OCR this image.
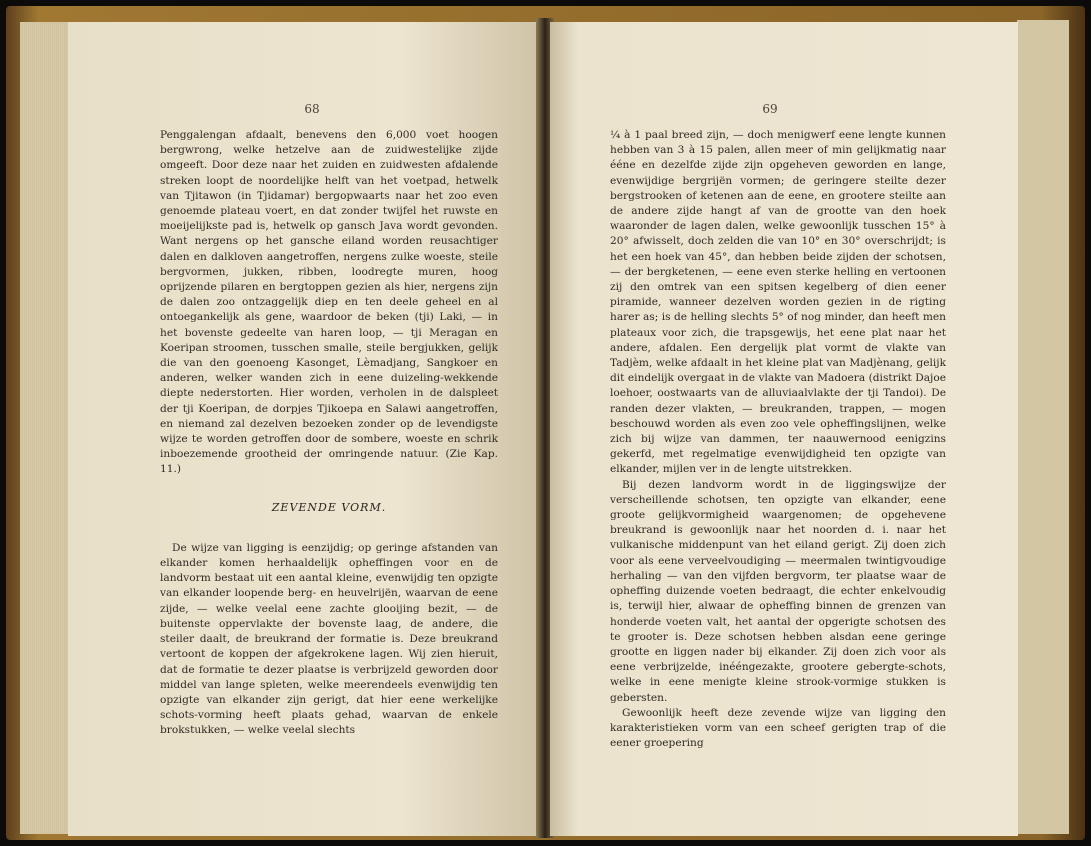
68

Penggalengan afdaalt, benevens den 6,000 voet hoogen bergwrong, welke hetzelve aan de zuidwestelijke zijde omgeeft. Door deze naar het zuiden en zuidwesten afdalende streken loopt de noordelijke helft van het voetpad, hetwelk van Tjitawon (in Tjidamar) bergopwaarts naar het zoo even genoemde plateau voert, en dat zonder twijfel het ruwste en moeijelijkste pad is, hetwelk op gansch Java wordt gevonden. Want nergens op het gansche eiland worden reusachtiger dalen en dalkloven aangetroffen, nergens zulke woeste, steile bergvormen, jukken, ribben, loodregte muren, hoog oprijzende pilaren en bergtoppen gezien als hier, nergens zijn de dalen zoo ontzaggelijk diep en ten deele geheel en al ontoegankelijk als gene, waardoor de beken (tji) Laki, — in het bovenste gedeelte van haren loop, — tji Meragan en Koeripan stroomen, tusschen smalle, steile bergjukken, gelijk die van den goenoeng Kasonget, Lèmadjang, Sangkoer en anderen, welker wanden zich in eene duizeling-wekkende diepte nederstorten. Hier worden, verholen in de dalspleet der tji Koeripan, de dorpjes Tjikoepa en Salawi aangetroffen, en niemand zal dezelven bezoeken zonder op de levendigste wijze te worden getroffen door de sombere, woeste en schrik inboezemende grootheid der omringende natuur. (Zie Kap. 11.)

ZEVENDE VORM.

De wijze van ligging is eenzijdig; op geringe afstanden van elkander komen herhaaldelijk opheffingen voor en de landvorm bestaat uit een aantal kleine, evenwijdig ten opzigte van elkander loopende berg- en heuvelrijën, waarvan de eene zijde, — welke veelal eene zachte glooijing bezit, — de buitenste oppervlakte der bovenste laag, de andere, die steiler daalt, de breukrand der formatie is. Deze breukrand vertoont de koppen der afgekrokene lagen. Wij zien hieruit, dat de formatie te dezer plaatse is verbrijzeld geworden door middel van lange spleten, welke meerendeels evenwijdig ten opzigte van elkander zijn gerigt, dat hier eene werkelijke schots-vorming heeft plaats gehad, waarvan de enkele brokstukken, — welke veelal slechts

69

¼ à 1 paal breed zijn, — doch menigwerf eene lengte kunnen hebben van 3 à 15 palen, allen meer of min gelijkmatig naar ééne en dezelfde zijde zijn opgeheven geworden en lange, evenwijdige bergrijën vormen; de geringere steilte dezer bergstrooken of ketenen aan de eene, en grootere steilte aan de andere zijde hangt af van de grootte van den hoek waaronder de lagen dalen, welke gewoonlijk tusschen 15° à 20° afwisselt, doch zelden die van 10° en 30° overschrijdt; is het een hoek van 45°, dan hebben beide zijden der schotsen, — der bergketenen, — eene even sterke helling en vertoonen zij den omtrek van een spitsen kegelberg of dien eener piramide, wanneer dezelven worden gezien in de rigting harer as; is de helling slechts 5° of nog minder, dan heeft men plateaux voor zich, die trapsgewijs, het eene plat naar het andere, afdalen. Een dergelijk plat vormt de vlakte van Tadjèm, welke afdaalt in het kleine plat van Madjènang, gelijk dit eindelijk overgaat in de vlakte van Madoera (distrikt Dajoe loehoer, oostwaarts van de alluviaalvlakte der tji Tandoi). De randen dezer vlakten, — breukranden, trappen, — mogen beschouwd worden als even zoo vele opheffingslijnen, welke zich bij wijze van dammen, ter naauwernood eenigzins gekerfd, met regelmatige evenwijdigheid ten opzigte van elkander, mijlen ver in de lengte uitstrekken.

Bij dezen landvorm wordt in de liggingswijze der verscheillende schotsen, ten opzigte van elkander, eene groote gelijkvormigheid waargenomen; de opgehevene breukrand is gewoonlijk naar het noorden d. i. naar het vulkanische middenpunt van het eiland gerigt. Zij doen zich voor als eene verveelvoudiging — meermalen twintigvoudige herhaling — van den vijfden bergvorm, ter plaatse waar de opheffing duizende voeten bedraagt, die echter enkelvoudig is, terwijl hier, alwaar de opheffing binnen de grenzen van honderde voeten valt, het aantal der opgerigte schotsen des te grooter is. Deze schotsen hebben alsdan eene geringe grootte en liggen nader bij elkander. Zij doen zich voor als eene verbrijzelde, inééngezakte, grootere gebergte-schots, welke in eene menigte kleine strook-vormige stukken is gebersten.

Gewoonlijk heeft deze zevende wijze van ligging den karakteristieken vorm van een scheef gerigten trap of die eener groepering
